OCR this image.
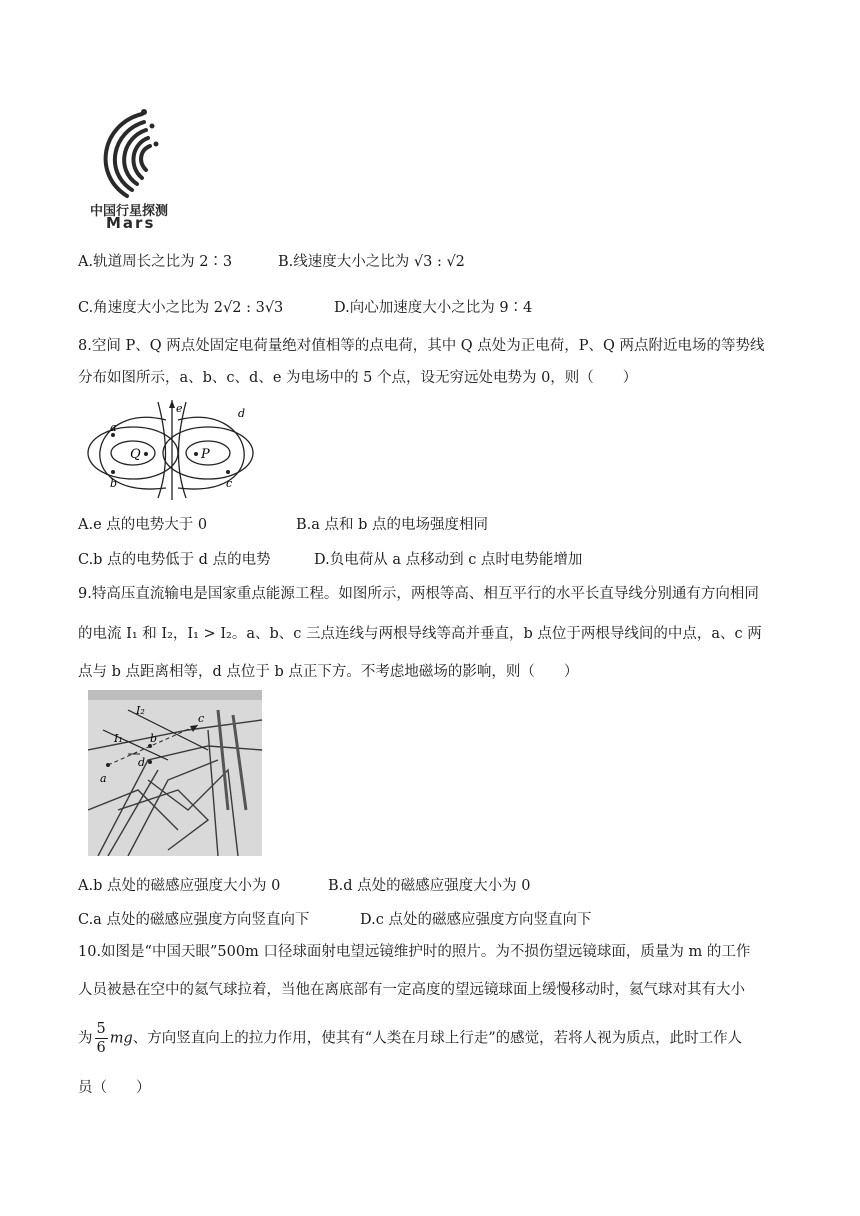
中国行星探测
Mars
A.轨道周长之比为 2∶3	B.线速度大小之比为 √3 : √2
C.角速度大小之比为 2√2 : 3√3	D.向心加速度大小之比为 9∶4
8.空间 P、Q 两点处固定电荷量绝对值相等的点电荷，其中 Q 点处为正电荷，P、Q 两点附近电场的等势线
分布如图所示，a、b、c、d、e 为电场中的 5 个点，设无穷远处电势为 0，则（　　）
Q	P
a
b	c
d
e
A.e 点的电势大于 0	B.a 点和 b 点的电场强度相同
C.b 点的电势低于 d 点的电势	D.负电荷从 a 点移动到 c 点时电势能增加
9.特高压直流输电是国家重点能源工程。如图所示，两根等高、相互平行的水平长直导线分别通有方向相同
的电流 I₁ 和 I₂，I₁ > I₂。a、b、c 三点连线与两根导线等高并垂直，b 点位于两根导线间的中点，a、c 两
点与 b 点距离相等，d 点位于 b 点正下方。不考虑地磁场的影响，则（　　）
a
b
c
d
I₁
I₂
A.b 点处的磁感应强度大小为 0	B.d 点处的磁感应强度大小为 0
C.a 点处的磁感应强度方向竖直向下	D.c 点处的磁感应强度方向竖直向下
10.如图是“中国天眼”500m 口径球面射电望远镜维护时的照片。为不损伤望远镜球面，质量为 m 的工作
人员被悬在空中的氦气球拉着，当他在离底部有一定高度的望远镜球面上缓慢移动时，氦气球对其有大小
为 $\frac{5}{6}$ mg、方向竖直向上的拉力作用，使其有“人类在月球上行走”的感觉，若将人视为质点，此时工作人
员（　　）
